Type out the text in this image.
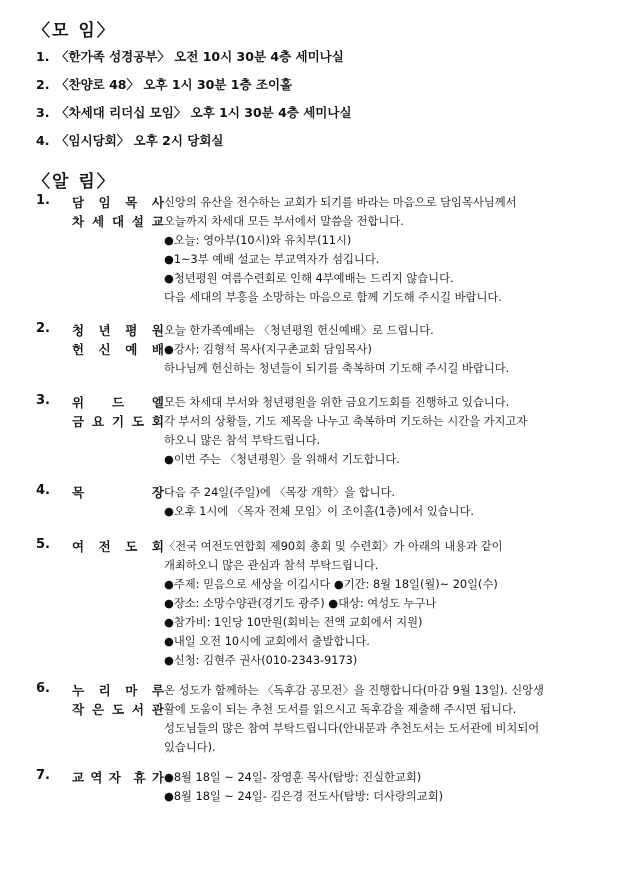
〈모 임〉
1. 〈한가족 성경공부〉 오전 10시 30분 4층 세미나실
2. 〈찬양로 48〉 오후 1시 30분 1층 조이홀
3. 〈차세대 리더십 모임〉 오후 1시 30분 4층 세미나실
4. 〈임시당회〉 오후 2시 당회실
〈알 림〉
1. 담 임 목 사
차 세 대 설 교
신앙의 유산을 전수하는 교회가 되기를 바라는 마음으로 담임목사님께서
오늘까지 차세대 모든 부서에서 말씀을 전합니다.
●오늘: 영아부(10시)와 유치부(11시)
●1~3부 예배 설교는 부교역자가 섬깁니다.
●청년평원 여름수련회로 인해 4부예배는 드리지 않습니다.
다음 세대의 부흥을 소망하는 마음으로 함께 기도해 주시길 바랍니다.
2. 청 년 평 원
헌 신 예 배
오늘 한가족예배는 〈청년평원 헌신예배〉로 드립니다.
●강사: 김형석 목사(지구촌교회 담임목사)
하나님께 헌신하는 청년들이 되기를 축복하며 기도해 주시길 바랍니다.
3. 위 드 엘
금 요 기 도 회
모든 차세대 부서와 청년평원을 위한 금요기도회를 진행하고 있습니다.
각 부서의 상황들, 기도 제목을 나누고 축복하며 기도하는 시간을 가지고자
하오니 많은 참석 부탁드립니다.
●이번 주는 〈청년평원〉을 위해서 기도합니다.
4. 목	장 다음 주 24일(주일)에 〈목장 개학〉을 합니다.
●오후 1시에 〈목자 전체 모임〉이 조이홀(1층)에서 있습니다.
5. 여 전 도 회 〈전국 여전도연합회 제90회 총회 및 수련회〉가 아래의 내용과 같이
개최하오니 많은 관심과 참석 부탁드립니다.
●주제: 믿음으로 세상을 이깁시다 ●기간: 8월 18일(월)~ 20일(수)
●장소: 소망수양관(경기도 광주) ●대상: 여성도 누구나
●참가비: 1인당 10만원(회비는 전액 교회에서 지원)
●내일 오전 10시에 교회에서 출발합니다.
●신청: 김현주 권사(010-2343-9173)
6. 누 리 마 루
작 은 도 서 관
온 성도가 함께하는 〈독후감 공모전〉을 진행합니다(마감 9월 13일). 신앙생
활에 도움이 되는 추천 도서를 읽으시고 독후감을 제출해 주시면 됩니다.
성도님들의 많은 참여 부탁드립니다(안내문과 추천도서는 도서관에 비치되어
있습니다).
7. 교 역 자 휴 가 ●8월 18일 ~ 24일- 장영훈 목사(탐방: 진실한교회)
●8월 18일 ~ 24일- 김은경 전도사(탐방: 더사랑의교회)
